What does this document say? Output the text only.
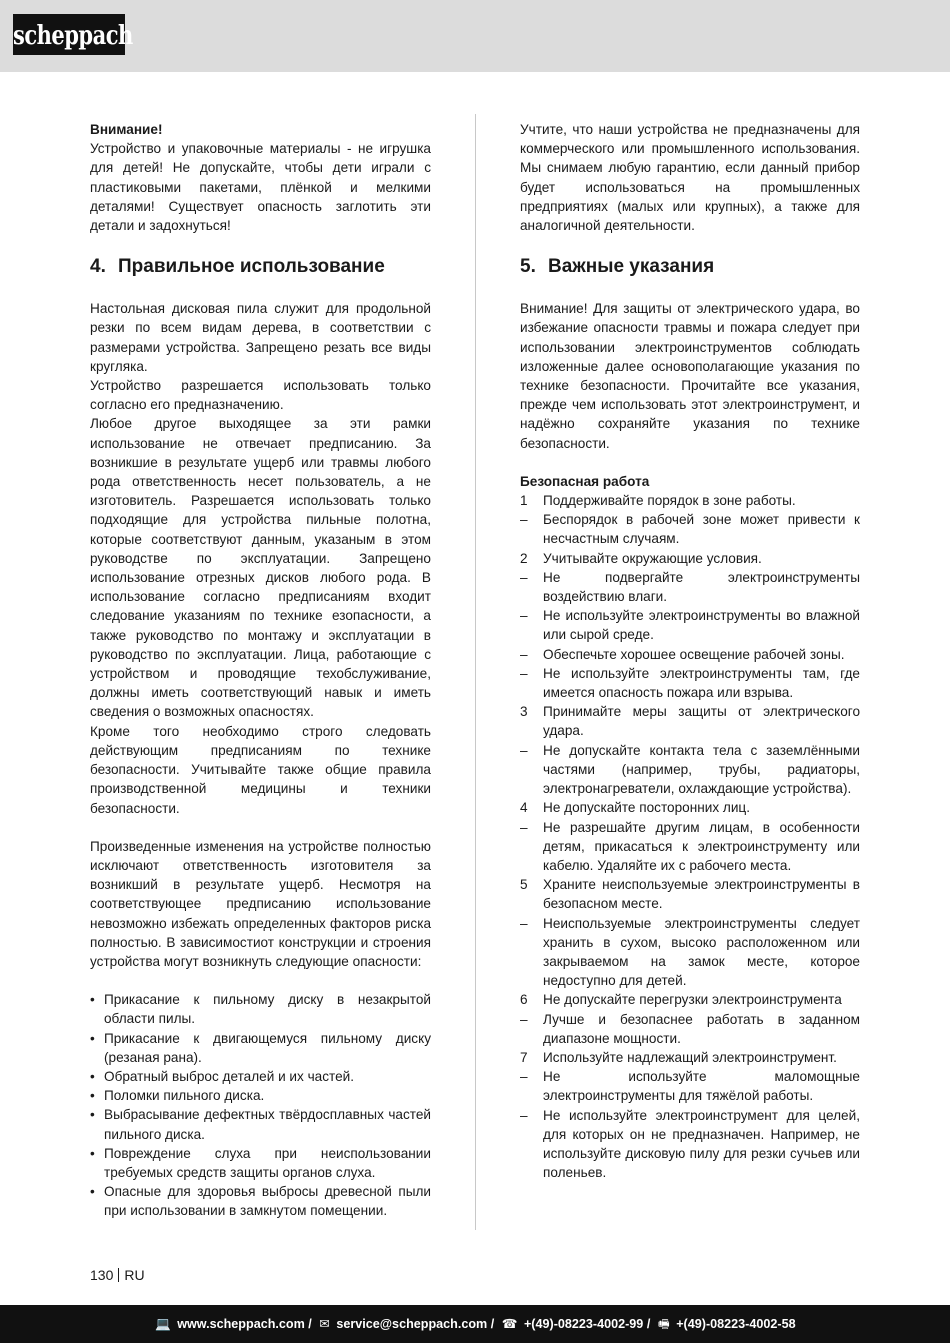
scheppach
Внимание!
Устройство и упаковочные материалы - не игрушка для детей! Не допускайте, чтобы дети играли с пластиковыми пакетами, плёнкой и мелкими деталями! Существует опасность заглотить эти детали и задохнуться!
4. Правильное использование
Настольная дисковая пила служит для продольной резки по всем видам дерева, в соответствии с размерами устройства. Запрещено резать все виды кругляка.
Устройство разрешается использовать только согласно его предназначению.
Любое другое выходящее за эти рамки использование не отвечает предписанию. За возникшие в результате ущерб или травмы любого рода ответственность несет пользователь, а не изготовитель. Разрешается использовать только подходящие для устройства пильные полотна, которые соответствуют данным, указаным в этом руководстве по эксплуатации. Запрещено использование отрезных дисков любого рода. В использование согласно предписаниям входит следование указаниям по технике езопасности, а также руководство по монтажу и эксплуатации в руководство по эксплуатации. Лица, работающие с устройством и проводящие техобслуживание, должны иметь соответствующий навык и иметь сведения о возможных опасностях.
Кроме того необходимо строго следовать действующим предписаниям по технике безопасности. Учитывайте также общие правила производственной медицины и техники безопасности.
Произведенные изменения на устройстве полностью исключают ответственность изготовителя за возникший в результате ущерб. Несмотря на соответствующее предписанию использование невозможно избежать определенных факторов риска полностью. В зависимостиот конструкции и строения устройства могут возникнуть следующие опасности:
• Прикасание к пильному диску в незакрытой области пилы.
• Прикасание к двигающемуся пильному диску (резаная рана).
• Обратный выброс деталей и их частей.
• Поломки пильного диска.
• Выбрасывание дефектных твёрдосплавных частей пильного диска.
• Повреждение слуха при неиспользовании требуемых средств защиты органов слуха.
• Опасные для здоровья выбросы древесной пыли при использовании в замкнутом помещении.
Учтите, что наши устройства не предназначены для коммерческого или промышленного использования. Мы снимаем любую гарантию, если данный прибор будет использоваться на промышленных предприятиях (малых или крупных), а также для аналогичной деятельности.
5. Важные указания
Внимание! Для защиты от электрического удара, во избежание опасности травмы и пожара следует при использовании электроинструментов соблюдать изложенные далее основополагающие указания по технике безопасности. Прочитайте все указания, прежде чем использовать этот электроинструмент, и надёжно сохраняйте указания по технике безопасности.
Безопасная работа
1	Поддерживайте порядок в зоне работы.
–	Беспорядок в рабочей зоне может привести к несчастным случаям.
2	Учитывайте окружающие условия.
–	Не подвергайте электроинструменты воздействию влаги.
–	Не используйте электроинструменты во влажной или сырой среде.
–	Обеспечьте хорошее освещение рабочей зоны.
–	Не используйте электроинструменты там, где имеется опасность пожара или взрыва.
3	Принимайте меры защиты от электрического удара.
–	Не допускайте контакта тела с заземлёнными частями (например, трубы, радиаторы, электронагреватели, охлаждающие устройства).
4	Не допускайте посторонних лиц.
–	Не разрешайте другим лицам, в особенности детям, прикасаться к электроинструменту или кабелю. Удаляйте их с рабочего места.
5	Храните неиспользуемые электроинструменты в безопасном месте.
–	Неиспользуемые электроинструменты следует хранить в сухом, высоко расположенном или закрываемом на замок месте, которое недоступно для детей.
6	Не допускайте перегрузки электроинструмента
–	Лучше и безопаснее работать в заданном диапазоне мощности.
7	Используйте надлежащий электроинструмент.
–	Не используйте маломощные электроинструменты для тяжёлой работы.
–	Не используйте электроинструмент для целей, для которых он не предназначен. Например, не используйте дисковую пилу для резки сучьев или поленьев.
130 RU
💻 www.scheppach.com / ✉ service@scheppach.com / ☎ +(49)-08223-4002-99 / 🖷 +(49)-08223-4002-58
